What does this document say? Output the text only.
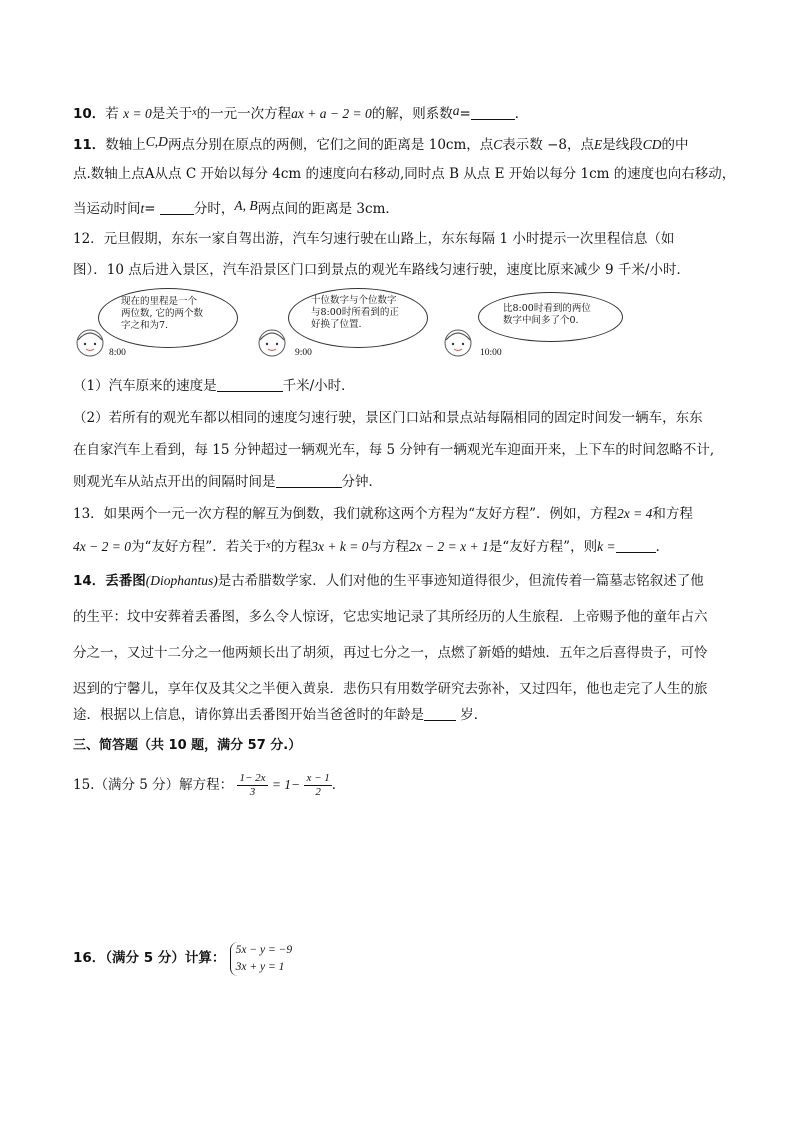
10．若 x = 0是关于$^x$的一元一次方程ax + a − 2 = 0的解，则系数a=	．
11．数轴上C,D两点分别在原点的两侧，它们之间的距离是 10cm，点C表示数 −8，点E是线段CD的中
点.数轴上点A从点 C 开始以每分 4cm 的速度向右移动,同时点 B 从点 E 开始以每分 1cm 的速度也向右移动，
当运动时间t=	分时，A, B两点间的距离是 3cm．
12．元旦假期，东东一家自驾出游，汽车匀速行驶在山路上，东东每隔 1 小时提示一次里程信息（如
图）．10 点后进入景区，汽车沿景区门口到景点的观光车路线匀速行驶，速度比原来减少 9 千米/小时．
现在的里程是一个
两位数, 它的两个数
字之和为7.
8:00
十位数字与个位数字
与8:00时所看到的正
好换了位置.
9:00
比8:00时看到的两位
数字中间多了个0.
10:00
（1）汽车原来的速度是	千米/小时．
（2）若所有的观光车都以相同的速度匀速行驶，景区门口站和景点站每隔相同的固定时间发一辆车，东东
在自家汽车上看到，每 15 分钟超过一辆观光车，每 5 分钟有一辆观光车迎面开来，上下车的时间忽略不计,
则观光车从站点开出的间隔时间是	分钟．
13．如果两个一元一次方程的解互为倒数，我们就称这两个方程为“友好方程”．例如，方程2x = 4和方程
4x − 2 = 0为“友好方程”．若关于$^x$的方程3x + k = 0与方程2x − 2 = x + 1是“友好方程”，则k =	．
14．丢番图(Diophantus)是古希腊数学家．人们对他的生平事迹知道得很少，但流传着一篇墓志铭叙述了他
的生平：坟中安葬着丢番图，多么令人惊讶，它忠实地记录了其所经历的人生旅程．上帝赐予他的童年占六
分之一，又过十二分之一他两颊长出了胡须，再过七分之一，点燃了新婚的蜡烛．五年之后喜得贵子，可怜
迟到的宁馨儿，享年仅及其父之半便入黄泉．悲伤只有用数学研究去弥补，又过四年，他也走完了人生的旅
途．根据以上信息，请你算出丢番图开始当爸爸时的年龄是	岁．
三、简答题（共 10 题，满分 57 分.）
15.（满分 5 分）解方程： $\frac{1- 2x}{3} = 1- \frac{x - 1}{2}$ ．
16．（满分 5 分）计算：
5x − y = −9
3x + y = 1
